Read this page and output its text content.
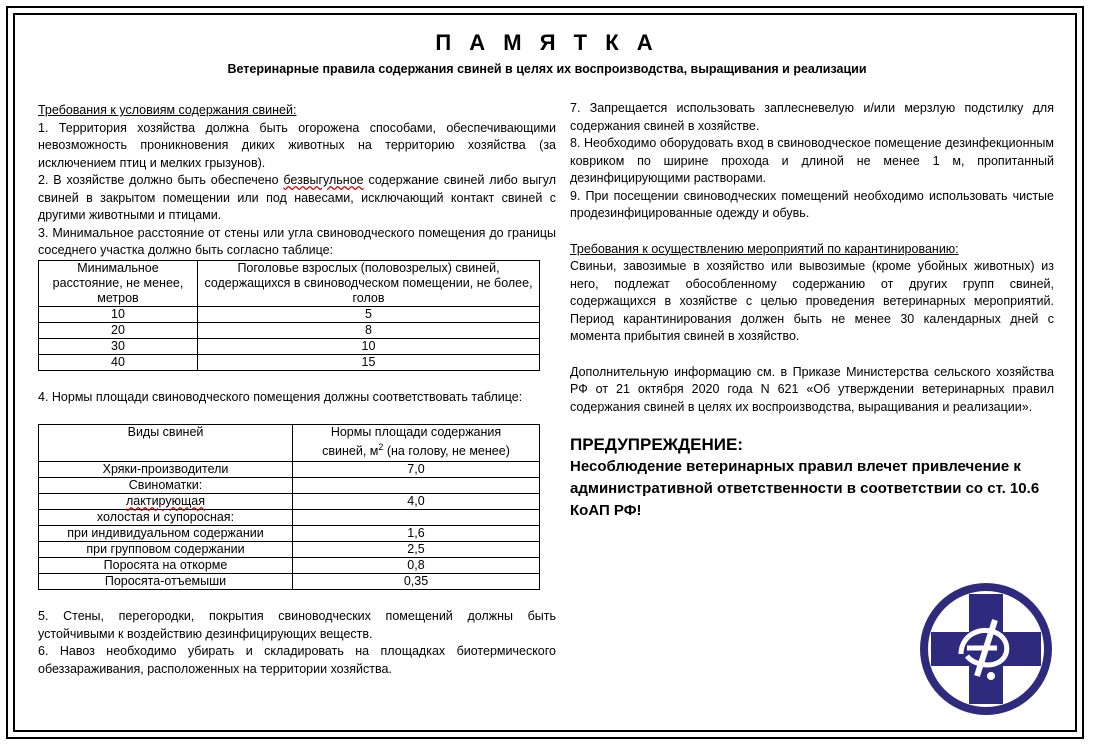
П А М Я Т К А
Ветеринарные правила содержания свиней в целях их воспроизводства, выращивания и реализации

Требования к условиям содержания свиней:

1. Территория хозяйства должна быть огорожена способами, обеспечивающими невозможность проникновения диких животных на территорию хозяйства (за исключением птиц и мелких грызунов).

2. В хозяйстве должно быть обеспечено безвыгульное содержание свиней либо выгул свиней в закрытом помещении или под навесами, исключающий контакт свиней с другими животными и птицами.

3. Минимальное расстояние от стены или угла свиноводческого помещения до границы соседнего участка должно быть согласно таблице:

Минимальное расстояние, не менее, метров	Поголовье взрослых (половозрелых) свиней, содержащихся в свиноводческом помещении, не более, голов
10	5
20	8
30	10
40	15

4. Нормы площади свиноводческого помещения должны соответствовать таблице:

Виды свиней	Нормы площади содержания
свиней, $м^2$ (на голову, не менее)

Хряки-производители	7,0
Свиноматки:	
лактирующая	4,0
холостая и супоросная:	
при индивидуальном содержании	1,6
при групповом содержании	2,5
Поросята на откорме	0,8
Поросята-отъемыши	0,35

5. Стены, перегородки, покрытия свиноводческих помещений должны быть устойчивыми к воздействию дезинфицирующих веществ.

6. Навоз необходимо убирать и складировать на площадках биотермического обеззараживания, расположенных на территории хозяйства.

7. Запрещается использовать заплесневелую и/или мерзлую подстилку для содержания свиней в хозяйстве.

8. Необходимо оборудовать вход в свиноводческое помещение дезинфекционным ковриком по ширине прохода и длиной не менее 1 м, пропитанный дезинфицирующими растворами.

9. При посещении свиноводческих помещений необходимо использовать чистые продезинфицированные одежду и обувь.

Требования к осуществлению мероприятий по карантинированию:

Свиньи, завозимые в хозяйство или вывозимые (кроме убойных животных) из него, подлежат обособленному содержанию от других групп свиней, содержащихся в хозяйстве с целью проведения ветеринарных мероприятий. Период карантинирования должен быть не менее 30 календарных дней с момента прибытия свиней в хозяйство.

Дополнительную информацию см. в Приказе Министерства сельского хозяйства РФ от 21 октября 2020 года N 621 «Об утверждении ветеринарных правил содержания свиней в целях их воспроизводства, выращивания и реализации».

ПРЕДУПРЕЖДЕНИЕ:

Несоблюдение ветеринарных правил влечет привлечение к административной ответственности в соответствии со ст. 10.6 КоАП РФ!
